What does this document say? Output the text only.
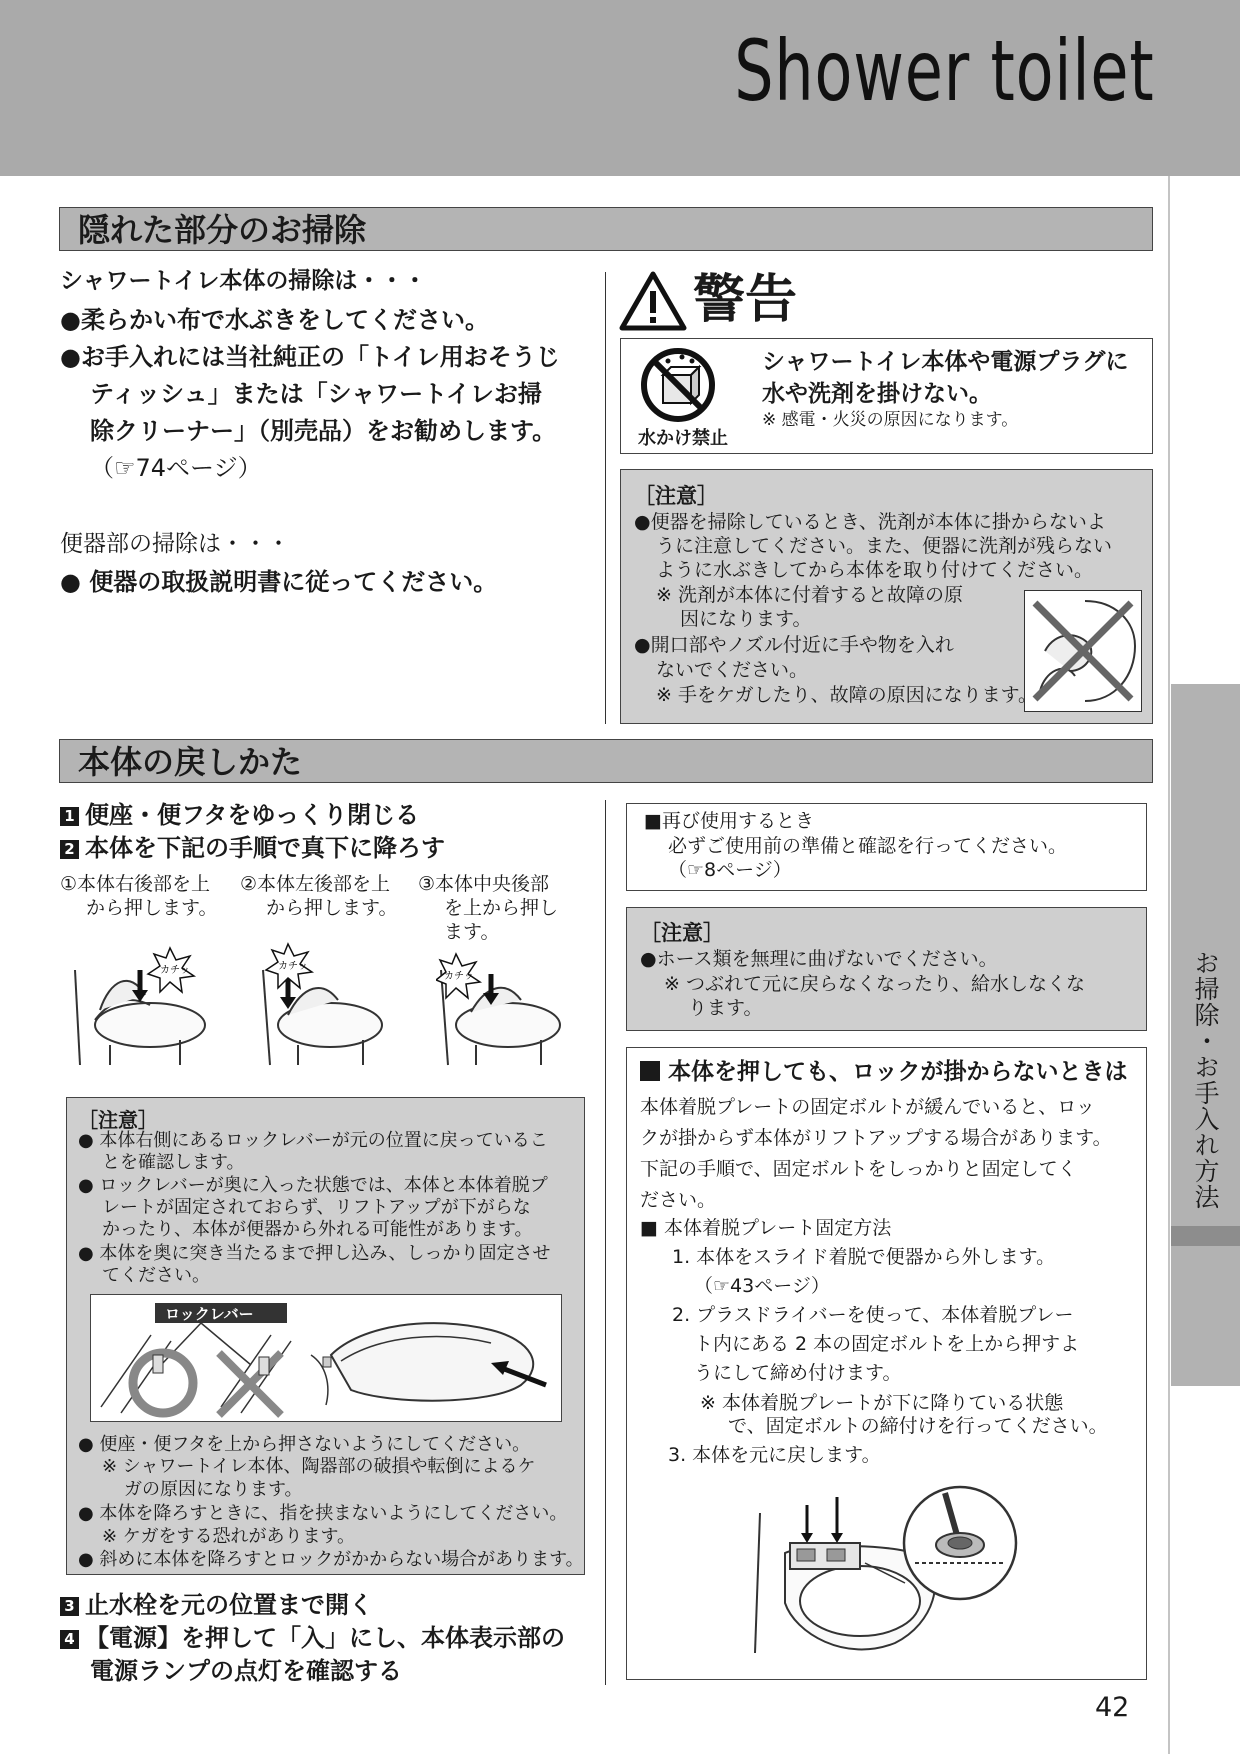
Shower toilet
お掃除・お手入れ方法
隠れた部分のお掃除
シャワートイレ本体の掃除は・・・
●柔らかい布で水ぶきをしてください。
●お手入れには当社純正の「トイレ用おそうじ
ティッシュ」または「シャワートイレお掃
除クリーナー」（別売品）をお勧めします。
（☞74ページ）
便器部の掃除は・・・
● 便器の取扱説明書に従ってください。
警告
水かけ禁止
シャワートイレ本体や電源プラグに
水や洗剤を掛けない。
※ 感電・火災の原因になります。
［注意］
●便器を掃除しているとき、洗剤が本体に掛からないよ
うに注意してください。また、便器に洗剤が残らない
ように水ぶきしてから本体を取り付けてください。
※ 洗剤が本体に付着すると故障の原
因になります。
●開口部やノズル付近に手や物を入れ
ないでください。
※ 手をケガしたり、故障の原因になります。
本体の戻しかた
1 便座・便フタをゆっくり閉じる
2 本体を下記の手順で真下に降ろす
①本体右後部を上
から押します。
②本体左後部を上
から押します。
③本体中央後部
を上から押し
ます。
カチッ	カチッ
カチッ
［注意］
● 本体右側にあるロックレバーが元の位置に戻っているこ
とを確認します。
● ロックレバーが奥に入った状態では、本体と本体着脱プ
レートが固定されておらず、リフトアップが下がらな
かったり、本体が便器から外れる可能性があります。
● 本体を奥に突き当たるまで押し込み、しっかり固定させ
てください。
ロックレバー
● 便座・便フタを上から押さないようにしてください。
※ シャワートイレ本体、陶器部の破損や転倒によるケ
ガの原因になります。
● 本体を降ろすときに、指を挟まないようにしてください。
※ ケガをする恐れがあります。
● 斜めに本体を降ろすとロックがかからない場合があります。
3 止水栓を元の位置まで開く
4 【電源】を押して「入」にし、本体表示部の
電源ランプの点灯を確認する
■再び使用するとき
必ずご使用前の準備と確認を行ってください。
（☞8ページ）
［注意］
●ホース類を無理に曲げないでください。
※ つぶれて元に戻らなくなったり、給水しなくな
ります。
本体を押しても、ロックが掛からないときは
本体着脱プレートの固定ボルトが緩んでいると、ロッ
クが掛からず本体がリフトアップする場合があります。
下記の手順で、固定ボルトをしっかりと固定してく
ださい。
■ 本体着脱プレート固定方法
1. 本体をスライド着脱で便器から外します。
（☞43ページ）
2. プラスドライバーを使って、本体着脱プレー
ト内にある 2 本の固定ボルトを上から押すよ
うにして締め付けます。
※ 本体着脱プレートが下に降りている状態
で、固定ボルトの締付けを行ってください。
3. 本体を元に戻します。
42
